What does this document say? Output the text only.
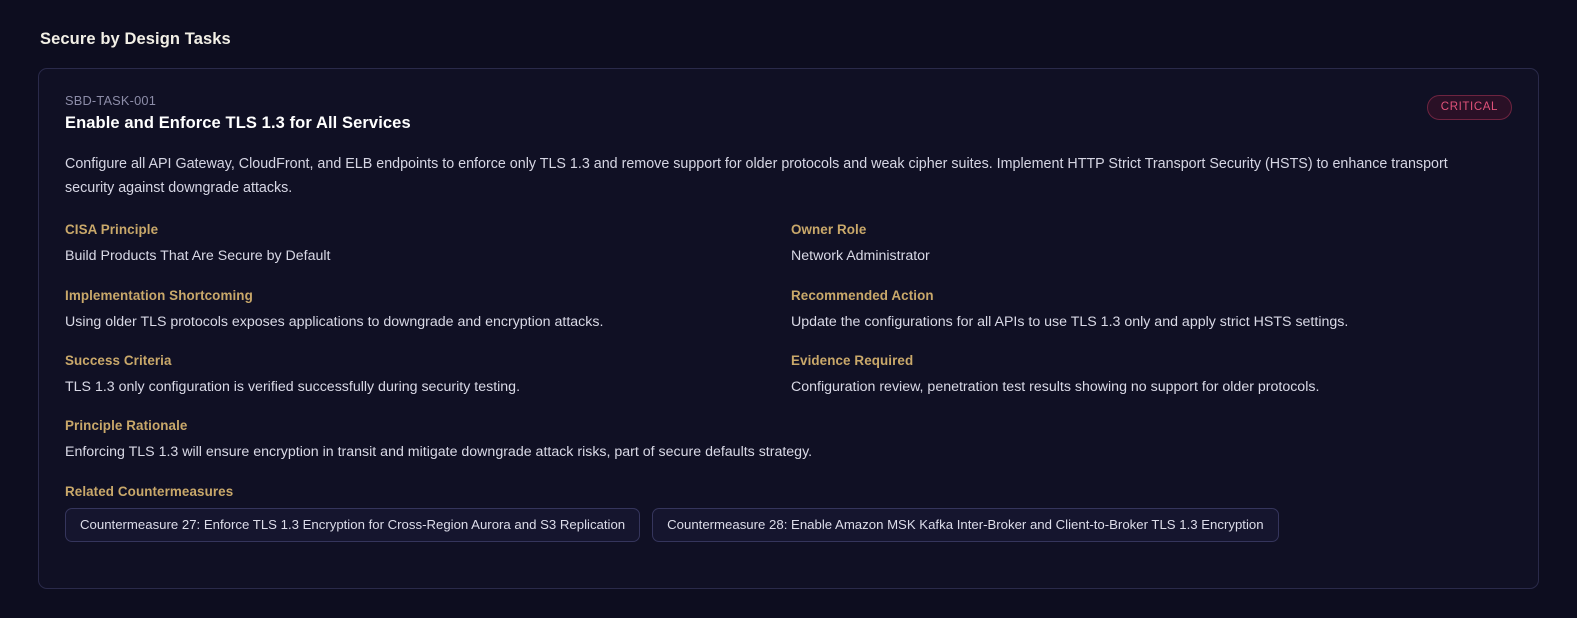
Secure by Design Tasks
SBD-TASK-001
Enable and Enforce TLS 1.3 for All Services
CRITICAL

Configure all API Gateway, CloudFront, and ELB endpoints to enforce only TLS 1.3 and remove support for older protocols and weak cipher suites. Implement HTTP Strict Transport Security (HSTS) to enhance transport security against downgrade attacks.

CISA Principle
Build Products That Are Secure by Default
Owner Role
Network Administrator
Implementation Shortcoming
Using older TLS protocols exposes applications to downgrade and encryption attacks.
Recommended Action
Update the configurations for all APIs to use TLS 1.3 only and apply strict HSTS settings.
Success Criteria
TLS 1.3 only configuration is verified successfully during security testing.
Evidence Required
Configuration review, penetration test results showing no support for older protocols.
Principle Rationale
Enforcing TLS 1.3 will ensure encryption in transit and mitigate downgrade attack risks, part of secure defaults strategy.
Related Countermeasures
Countermeasure 27: Enforce TLS 1.3 Encryption for Cross-Region Aurora and S3 Replication	Countermeasure 28: Enable Amazon MSK Kafka Inter-Broker and Client-to-Broker TLS 1.3 Encryption
